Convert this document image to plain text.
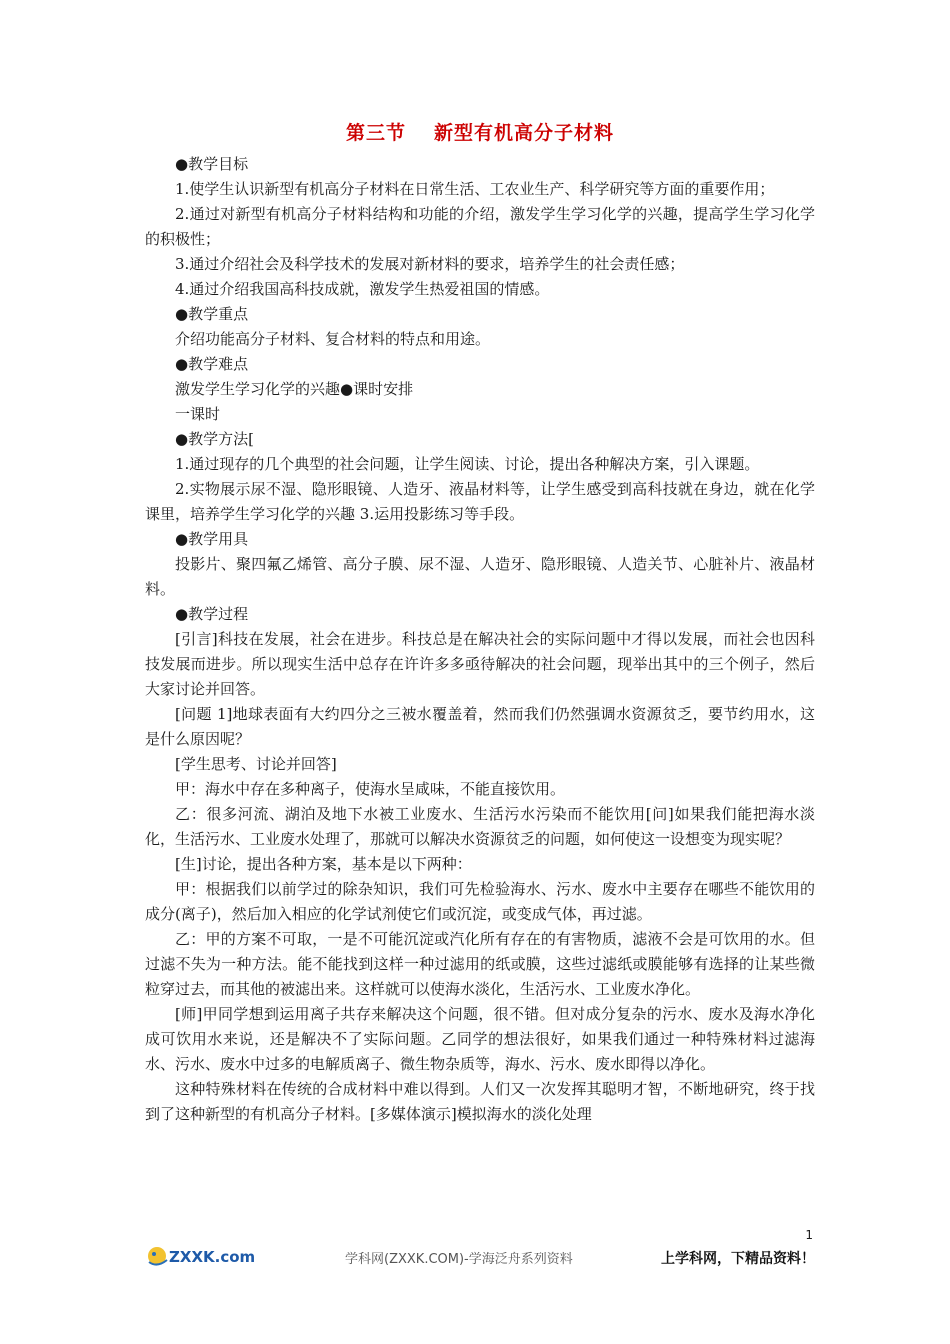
第三节 新型有机高分子材料

●教学目标

1.使学生认识新型有机高分子材料在日常生活、工农业生产、科学研究等方面的重要作用；

2.通过对新型有机高分子材料结构和功能的介绍，激发学生学习化学的兴趣，提高学生学习化学的积极性；

3.通过介绍社会及科学技术的发展对新材料的要求，培养学生的社会责任感；

4.通过介绍我国高科技成就，激发学生热爱祖国的情感。

●教学重点

介绍功能高分子材料、复合材料的特点和用途。

●教学难点

激发学生学习化学的兴趣●课时安排

一课时

●教学方法[

1.通过现存的几个典型的社会问题，让学生阅读、讨论，提出各种解决方案，引入课题。

2.实物展示尿不湿、隐形眼镜、人造牙、液晶材料等，让学生感受到高科技就在身边，就在化学课里，培养学生学习化学的兴趣 3.运用投影练习等手段。

●教学用具

投影片、聚四氟乙烯管、高分子膜、尿不湿、人造牙、隐形眼镜、人造关节、心脏补片、液晶材料。

●教学过程

[引言]科技在发展，社会在进步。科技总是在解决社会的实际问题中才得以发展，而社会也因科技发展而进步。所以现实生活中总存在许许多多亟待解决的社会问题，现举出其中的三个例子，然后大家讨论并回答。

[问题 1]地球表面有大约四分之三被水覆盖着，然而我们仍然强调水资源贫乏，要节约用水，这是什么原因呢？

[学生思考、讨论并回答]

甲：海水中存在多种离子，使海水呈咸味，不能直接饮用。

乙：很多河流、湖泊及地下水被工业废水、生活污水污染而不能饮用[问]如果我们能把海水淡化，生活污水、工业废水处理了，那就可以解决水资源贫乏的问题，如何使这一设想变为现实呢？

[生]讨论，提出各种方案，基本是以下两种：

甲：根据我们以前学过的除杂知识，我们可先检验海水、污水、废水中主要存在哪些不能饮用的成分(离子)，然后加入相应的化学试剂使它们或沉淀，或变成气体，再过滤。

乙：甲的方案不可取，一是不可能沉淀或汽化所有存在的有害物质，滤液不会是可饮用的水。但过滤不失为一种方法。能不能找到这样一种过滤用的纸或膜，这些过滤纸或膜能够有选择的让某些微粒穿过去，而其他的被滤出来。这样就可以使海水淡化，生活污水、工业废水净化。

[师]甲同学想到运用离子共存来解决这个问题，很不错。但对成分复杂的污水、废水及海水净化成可饮用水来说，还是解决不了实际问题。乙同学的想法很好，如果我们通过一种特殊材料过滤海水、污水、废水中过多的电解质离子、微生物杂质等，海水、污水、废水即得以净化。

这种特殊材料在传统的合成材料中难以得到。人们又一次发挥其聪明才智，不断地研究，终于找到了这种新型的有机高分子材料。[多媒体演示]模拟海水的淡化处理

1
ZXXK.com	学科网(ZXXK.COM)-学海泛舟系列资料	上学科网，下精品资料！
